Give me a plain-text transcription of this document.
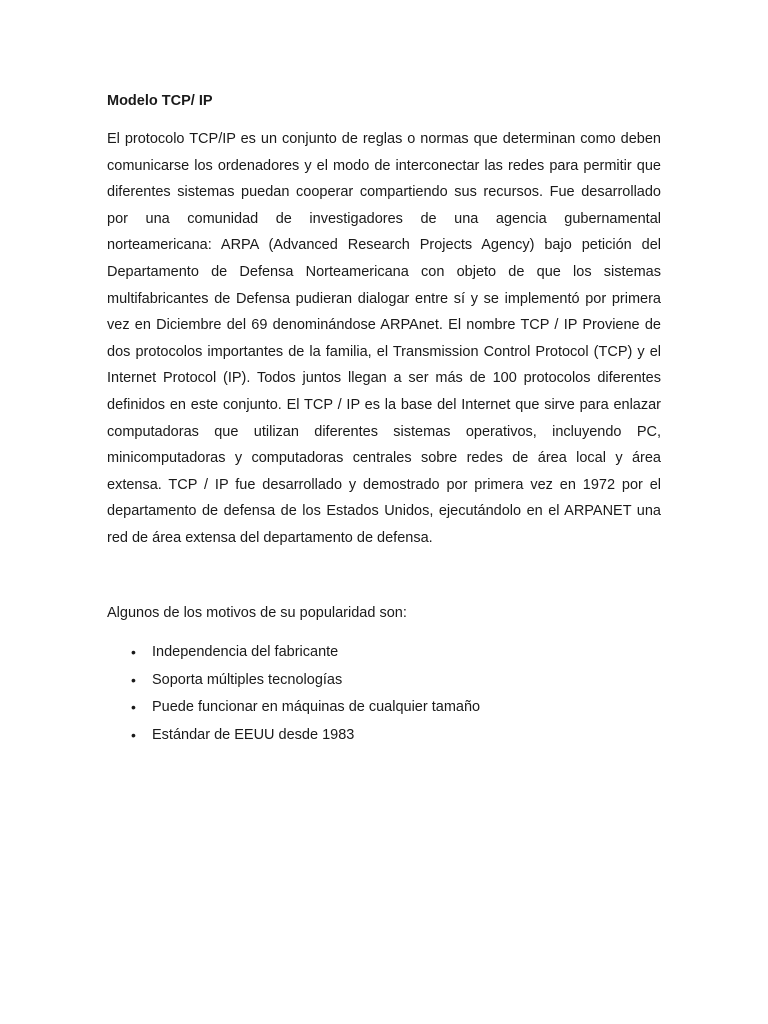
Modelo TCP/ IP

El protocolo TCP/IP es un conjunto de reglas o normas que determinan como deben comunicarse los ordenadores y el modo de interconectar las redes para permitir que diferentes sistemas puedan cooperar compartiendo sus recursos. Fue desarrollado por una comunidad de investigadores de una agencia gubernamental norteamericana: ARPA (Advanced Research Projects Agency) bajo petición del Departamento de Defensa Norteamericana con objeto de que los sistemas multifabricantes de Defensa pudieran dialogar entre sí y se implementó por primera vez en Diciembre del 69 denominándose ARPAnet. El nombre TCP / IP Proviene de dos protocolos importantes de la familia, el Transmission Control Protocol (TCP) y el Internet Protocol (IP). Todos juntos llegan a ser más de 100 protocolos diferentes definidos en este conjunto. El TCP / IP es la base del Internet que sirve para enlazar computadoras que utilizan diferentes sistemas operativos, incluyendo PC, minicomputadoras y computadoras centrales sobre redes de área local y área extensa. TCP / IP fue desarrollado y demostrado por primera vez en 1972 por el departamento de defensa de los Estados Unidos, ejecutándolo en el ARPANET una red de área extensa del departamento de defensa.

Algunos de los motivos de su popularidad son:

• Independencia del fabricante
• Soporta múltiples tecnologías
• Puede funcionar en máquinas de cualquier tamaño
• Estándar de EEUU desde 1983
